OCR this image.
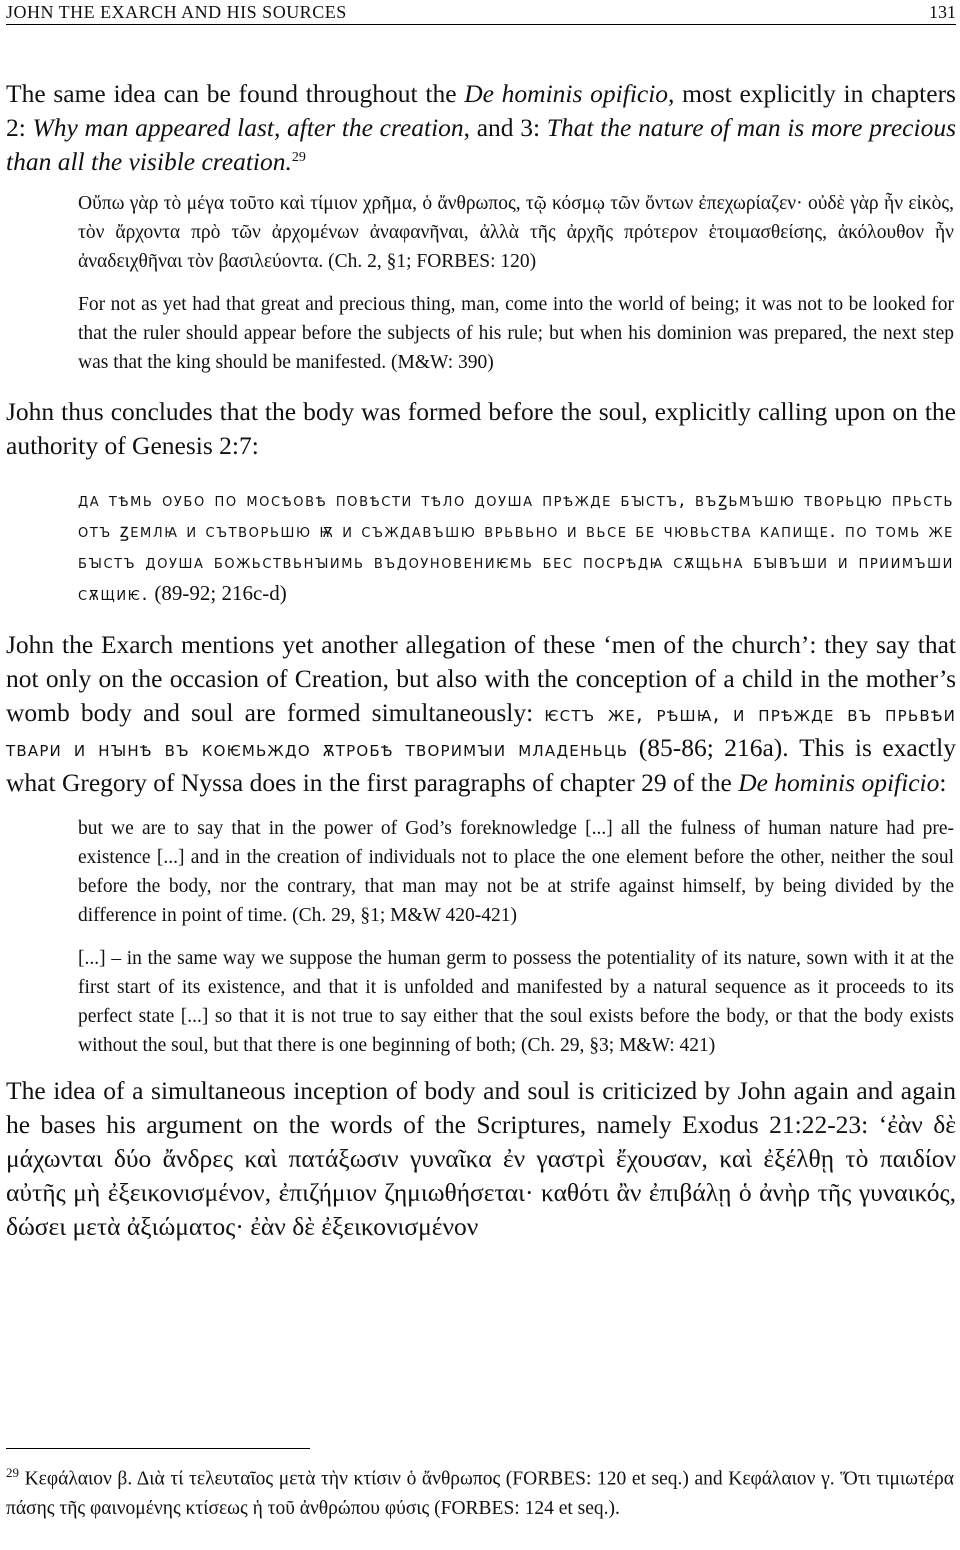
JOHN THE EXARCH AND HIS SOURCES	131

The same idea can be found throughout the De hominis opificio, most explicitly in chapters 2: Why man appeared last, after the creation, and 3: That the nature of man is more precious than all the visible creation.$^{29}$

Οὔπω γὰρ τὸ μέγα τοῦτο καὶ τίμιον χρῆμα, ὁ ἄνθρωπος, τῷ κόσμῳ τῶν ὄντων ἐπεχωρίαζεν· οὐδὲ γὰρ ἦν εἰκὸς, τὸν ἄρχοντα πρὸ τῶν ἀρχομένων ἀναφανῆναι, ἀλλὰ τῆς ἀρχῆς πρότερον ἑτοιμασθείσης, ἀκόλουθον ἦν ἀναδειχθῆναι τὸν βασιλεύοντα. (Ch. 2, §1; FORBES: 120)
For not as yet had that great and precious thing, man, come into the world of being; it was not to be looked for that the ruler should appear before the subjects of his rule; but when his dominion was prepared, the next step was that the king should be manifested. (M&W: 390)

John thus concludes that the body was formed before the soul, explicitly calling upon on the authority of Genesis 2:7:

да тѣмь оубо по мосѣовѣ повѣсти тѣло доуша прѣжде бꙑстъ, въꙁьмъшю творьцю прьсть отъ ꙁемлꙗ и сътворьшю ѭ и съждавъшю врьвьно и вьсе бе чювьства капище. по томь же бꙑстъ доуша божьствьнꙑимь въдоуновениѥмь бес посрѣдꙗ сѫщьна бꙑвъши и приимъши сѫщиѥ. (89-92; 216c-d)

John the Exarch mentions yet another allegation of these ‘men of the church’: they say that not only on the occasion of Creation, but also with the conception of a child in the mother’s womb body and soul are formed simultaneously: ѥстъ же, рѣшꙗ, и прѣжде въ прьвѣи твари и нꙑнѣ въ коѥмьждо ѫтробѣ творимꙑи младеньць (85-86; 216a). This is exactly what Gregory of Nyssa does in the first paragraphs of chapter 29 of the De hominis opificio:

but we are to say that in the power of God’s foreknowledge [...] all the fulness of human nature had pre-existence [...] and in the creation of individuals not to place the one element before the other, neither the soul before the body, nor the contrary, that man may not be at strife against himself, by being divided by the difference in point of time. (Ch. 29, §1; M&W 420-421)
[...] – in the same way we suppose the human germ to possess the potentiality of its nature, sown with it at the first start of its existence, and that it is unfolded and manifested by a natural sequence as it proceeds to its perfect state [...] so that it is not true to say either that the soul exists before the body, or that the body exists without the soul, but that there is one beginning of both; (Ch. 29, §3; M&W: 421)

The idea of a simultaneous inception of body and soul is criticized by John again and again he bases his argument on the words of the Scriptures, namely Exodus 21:22-23: ‘ἐὰν δὲ μάχωνται δύο ἄνδρες καὶ πατάξωσιν γυναῖκα ἐν γαστρὶ ἔχουσαν, καὶ ἐξέλθῃ τὸ παιδίον αὐτῆς μὴ ἐξεικονισμένον, ἐπιζήμιον ζημιωθήσεται· καθότι ἂν ἐπιβάλῃ ὁ ἀνὴρ τῆς γυναικός, δώσει μετὰ ἀξιώματος· ἐὰν δὲ ἐξεικονισμένον

$^{29}$ Κεφάλαιον β. Διὰ τί τελευταῖος μετὰ τὴν κτίσιν ὁ ἄνθρωπος (FORBES: 120 et seq.) and Κεφάλαιον γ. Ὅτι τιμιωτέρα πάσης τῆς φαινομένης κτίσεως ἡ τοῦ ἀνθρώπου φύσις (FORBES: 124 et seq.).
